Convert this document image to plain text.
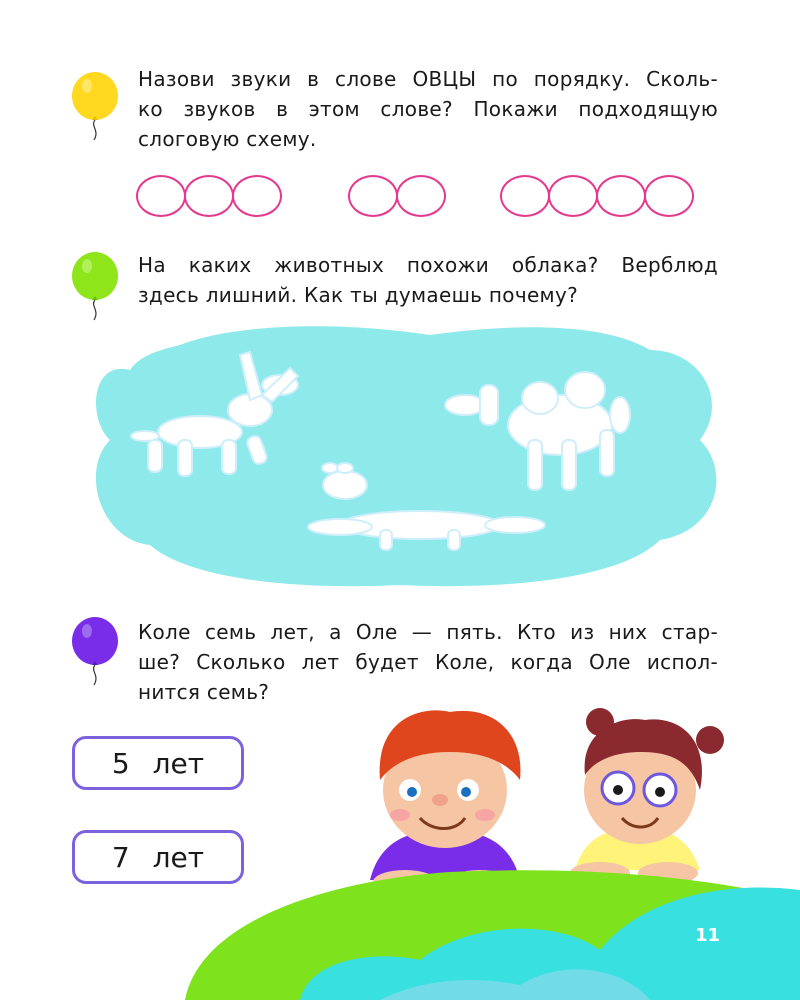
Назови звуки в слове ОВЦЫ по порядку. Сколь-
ко звуков в этом слове? Покажи подходящую
слоговую схему.
На каких животных похожи облака? Верблюд
здесь лишний. Как ты думаешь почему?
Коле семь лет, а Оле — пять. Кто из них стар-
ше? Сколько лет будет Коле, когда Оле испол-
нится семь?
5 лет
7 лет
11
